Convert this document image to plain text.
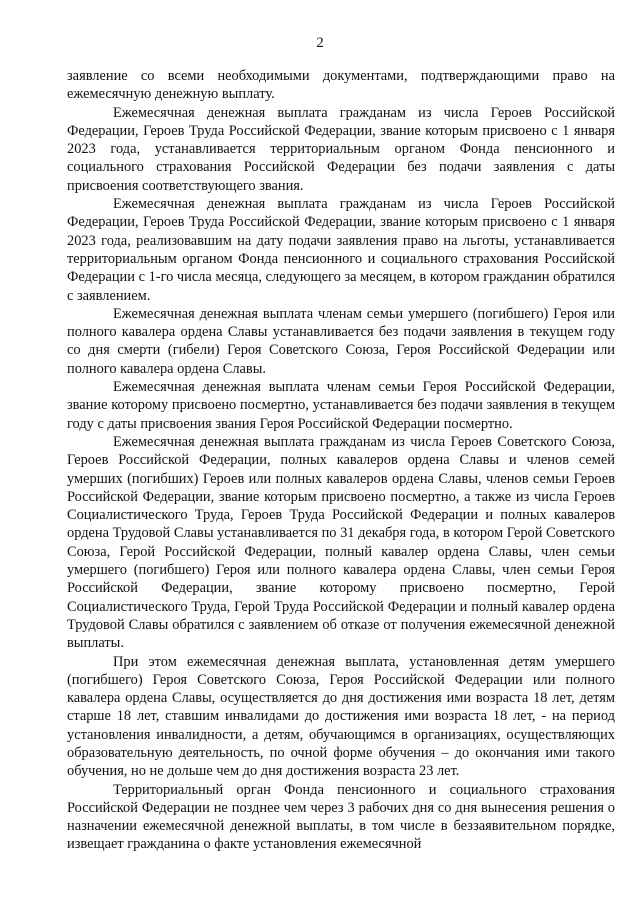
2

заявление со всеми необходимыми документами, подтверждающими право на ежемесячную денежную выплату.

Ежемесячная денежная выплата гражданам из числа Героев Российской Федерации, Героев Труда Российской Федерации, звание которым присвоено с 1 января 2023 года, устанавливается территориальным органом Фонда пенсионного и социального страхования Российской Федерации без подачи заявления с даты присвоения соответствующего звания.

Ежемесячная денежная выплата гражданам из числа Героев Российской Федерации, Героев Труда Российской Федерации, звание которым присвоено с 1 января 2023 года, реализовавшим на дату подачи заявления право на льготы, устанавливается территориальным органом Фонда пенсионного и социального страхования Российской Федерации с 1-го числа месяца, следующего за месяцем, в котором гражданин обратился с заявлением.

Ежемесячная денежная выплата членам семьи умершего (погибшего) Героя или полного кавалера ордена Славы устанавливается без подачи заявления в текущем году со дня смерти (гибели) Героя Советского Союза, Героя Российской Федерации или полного кавалера ордена Славы.

Ежемесячная денежная выплата членам семьи Героя Российской Федерации, звание которому присвоено посмертно, устанавливается без подачи заявления в текущем году с даты присвоения звания Героя Российской Федерации посмертно.

Ежемесячная денежная выплата гражданам из числа Героев Советского Союза, Героев Российской Федерации, полных кавалеров ордена Славы и членов семей умерших (погибших) Героев или полных кавалеров ордена Славы, членов семьи Героев Российской Федерации, звание которым присвоено посмертно, а также из числа Героев Социалистического Труда, Героев Труда Российской Федерации и полных кавалеров ордена Трудовой Славы устанавливается по 31 декабря года, в котором Герой Советского Союза, Герой Российской Федерации, полный кавалер ордена Славы, член семьи умершего (погибшего) Героя или полного кавалера ордена Славы, член семьи Героя Российской Федерации, звание которому присвоено посмертно, Герой Социалистического Труда, Герой Труда Российской Федерации и полный кавалер ордена Трудовой Славы обратился с заявлением об отказе от получения ежемесячной денежной выплаты.

При этом ежемесячная денежная выплата, установленная детям умершего (погибшего) Героя Советского Союза, Героя Российской Федерации или полного кавалера ордена Славы, осуществляется до дня достижения ими возраста 18 лет, детям старше 18 лет, ставшим инвалидами до достижения ими возраста 18 лет, - на период установления инвалидности, а детям, обучающимся в организациях, осуществляющих образовательную деятельность, по очной форме обучения – до окончания ими такого обучения, но не дольше чем до дня достижения возраста 23 лет.

Территориальный орган Фонда пенсионного и социального страхования Российской Федерации не позднее чем через 3 рабочих дня со дня вынесения решения о назначении ежемесячной денежной выплаты, в том числе в беззаявительном порядке, извещает гражданина о факте установления ежемесячной
